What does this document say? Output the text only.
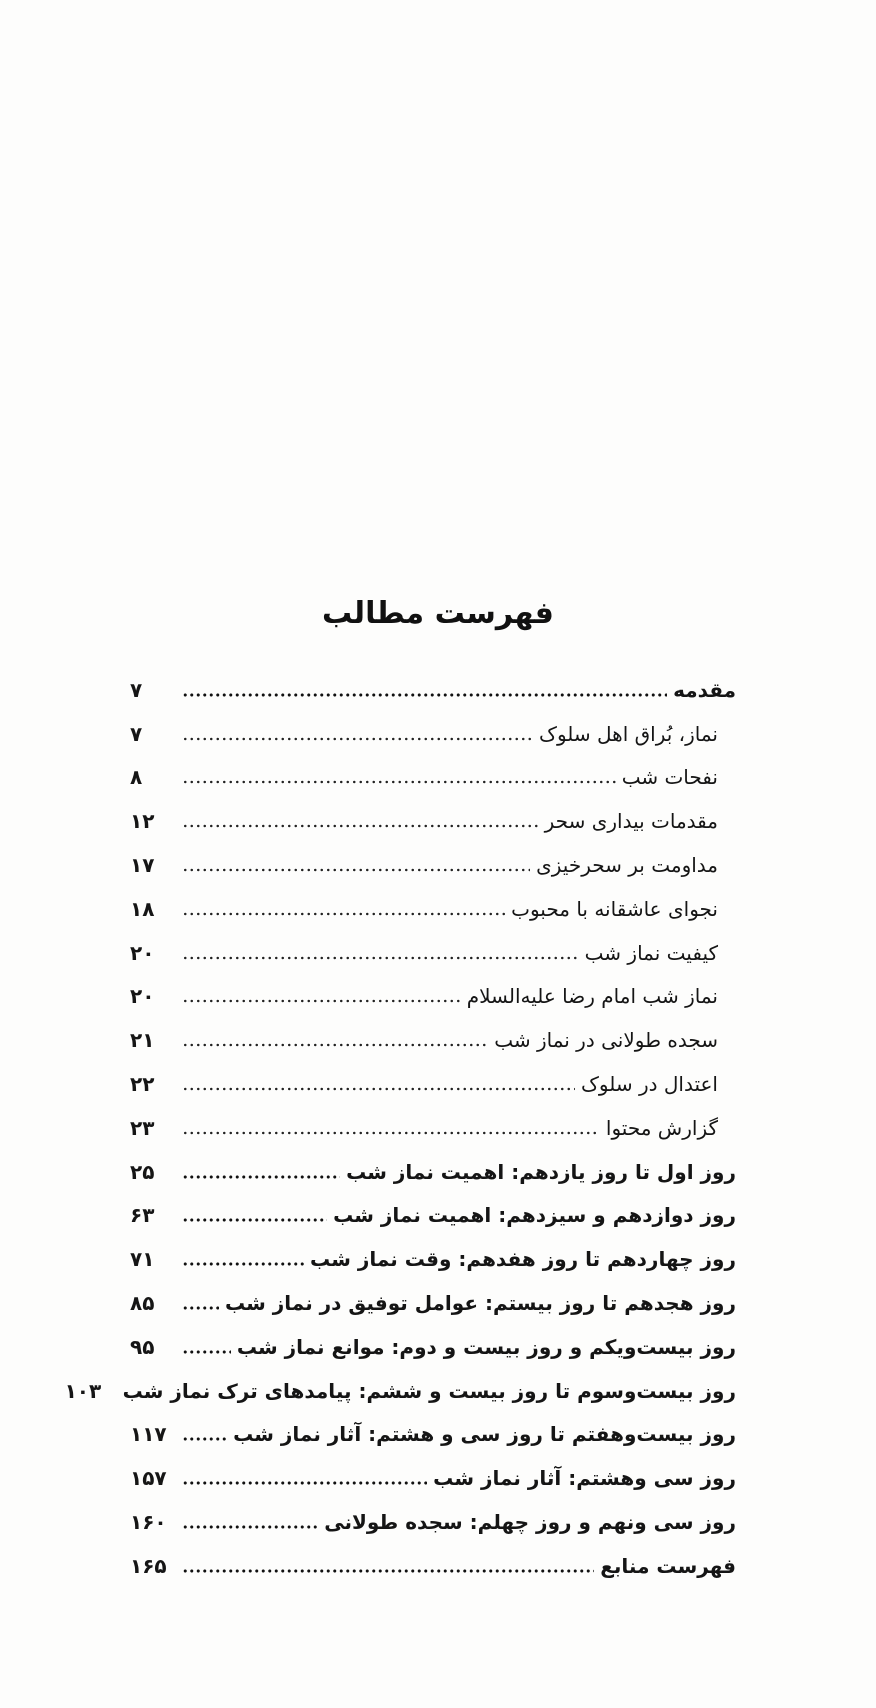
فهرست مطالب
مقدمه
۷
نماز، بُراق اهل سلوک
۷
نفحات شب
۸
مقدمات بیداری سحر
۱۲
مداومت بر سحرخیزی
۱۷
نجوای عاشقانه با محبوب
۱۸
کیفیت نماز شب
۲۰
نماز شب امام رضا علیه‌السلام
۲۰
سجده طولانی در نماز شب
۲۱
اعتدال در سلوک
۲۲
گزارش محتوا
۲۳
روز اول تا روز یازدهم: اهمیت نماز شب
۲۵
روز دوازدهم و سیزدهم: اهمیت نماز شب
۶۳
روز چهاردهم تا روز هفدهم: وقت نماز شب
۷۱
روز هجدهم تا روز بیستم: عوامل توفیق در نماز شب
۸۵
روز بیست‌ویکم و روز بیست و دوم: موانع نماز شب
۹۵
روز بیست‌وسوم تا روز بیست و ششم: پیامدهای ترک نماز شب
۱۰۳
روز بیست‌وهفتم تا روز سی و هشتم: آثار نماز شب
۱۱۷
روز سی وهشتم: آثار نماز شب
۱۵۷
روز سی ونهم و روز چهلم: سجده طولانی
۱۶۰
فهرست منابع
۱۶۵
